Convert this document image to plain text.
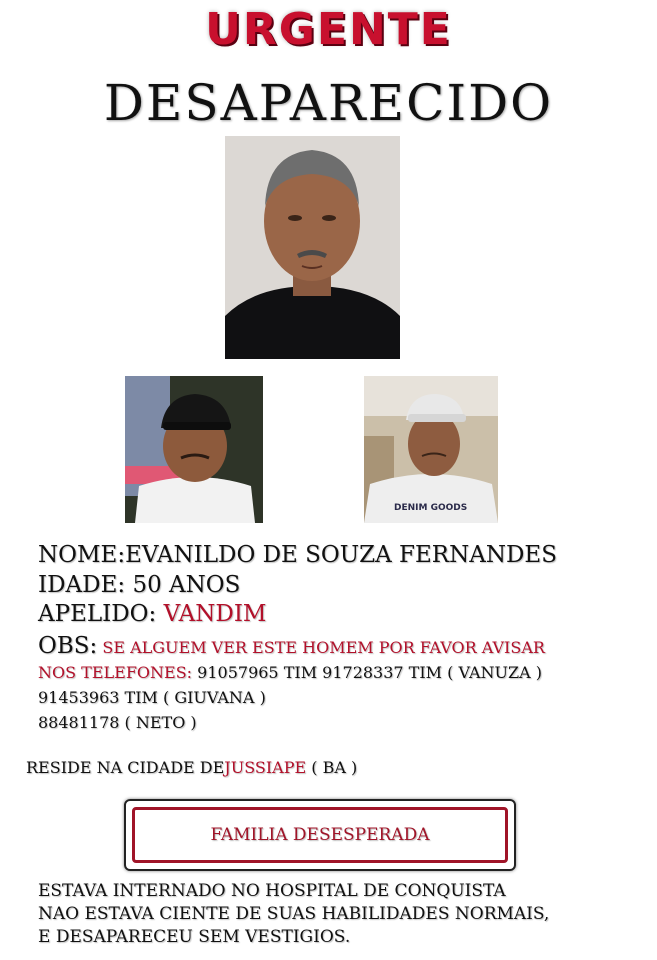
URGENTE
DESAPARECIDO
DENIM GOODS
NOME:EVANILDO DE SOUZA FERNANDES
IDADE: 50 ANOS
APELIDO: VANDIM
OBS: SE ALGUEM VER ESTE HOMEM POR FAVOR AVISAR
NOS TELEFONES: 91057965 TIM 91728337 TIM ( VANUZA )
91453963 TIM ( GIUVANA )
88481178 ( NETO )
RESIDE NA CIDADE DEJUSSIAPE ( BA )
FAMILIA DESESPERADA
ESTAVA INTERNADO NO HOSPITAL DE CONQUISTA
NAO ESTAVA CIENTE DE SUAS HABILIDADES NORMAIS,
E DESAPARECEU SEM VESTIGIOS.
